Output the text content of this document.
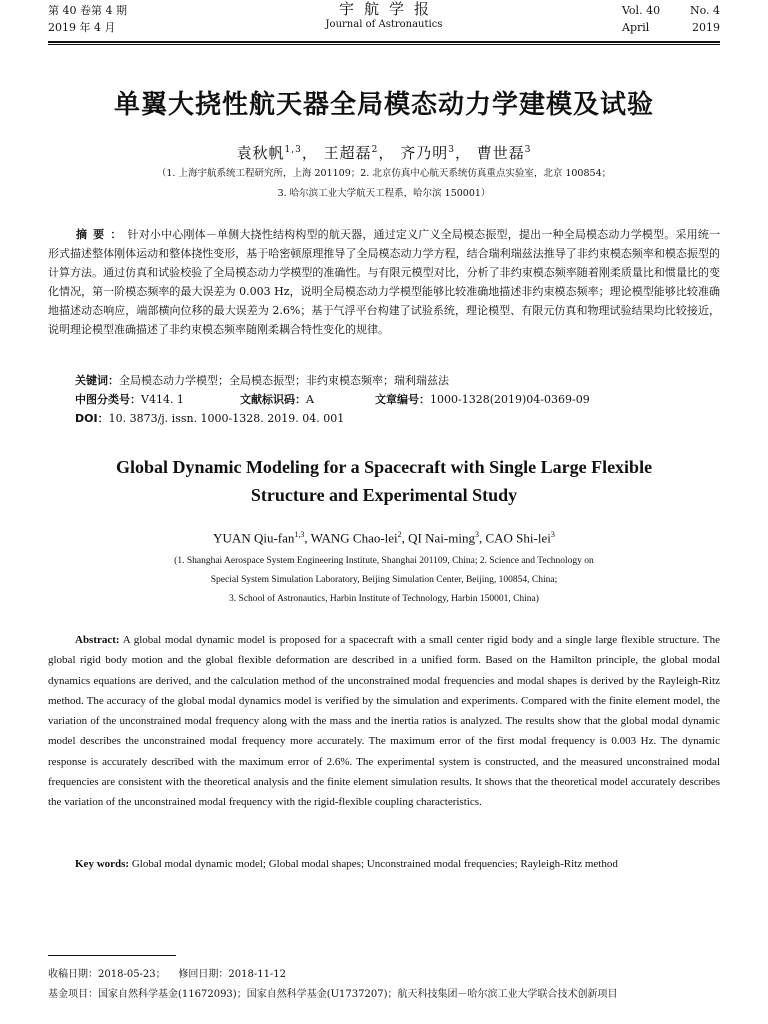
第 40 卷第 4 期
2019 年 4 月
宇航学报
Journal of Astronautics
Vol. 40	No. 4
April	2019
单翼大挠性航天器全局模态动力学建模及试验
袁秋帆$^{1,3}$， 王超磊$^2$， 齐乃明$^3$， 曹世磊$^3$
（1. 上海宇航系统工程研究所，上海 201109；2. 北京仿真中心航天系统仿真重点实验室，北京 100854；
3. 哈尔滨工业大学航天工程系，哈尔滨 150001）
摘要：针对小中心刚体－单侧大挠性结构构型的航天器，通过定义广义全局模态振型，提出一种全局模态动力学模型。采用统一形式描述整体刚体运动和整体挠性变形，基于哈密顿原理推导了全局模态动力学方程，结合瑞利瑞兹法推导了非约束模态频率和模态振型的计算方法。通过仿真和试验校验了全局模态动力学模型的准确性。与有限元模型对比，分析了非约束模态频率随着刚柔质量比和惯量比的变化情况，第一阶模态频率的最大误差为 0.003 Hz，说明全局模态动力学模型能够比较准确地描述非约束模态频率；理论模型能够比较准确地描述动态响应，端部横向位移的最大误差为 2.6%；基于气浮平台构建了试验系统，理论模型、有限元仿真和物理试验结果均比较接近，说明理论模型准确描述了非约束模态频率随刚柔耦合特性变化的规律。
关键词：全局模态动力学模型；全局模态振型；非约束模态频率；瑞利瑞兹法
中图分类号：V414. 1	文献标识码：A	文章编号：1000-1328(2019)04-0369-09
DOI：10. 3873/j. issn. 1000-1328. 2019. 04. 001
Global Dynamic Modeling for a Spacecraft with Single Large Flexible
Structure and Experimental Study
YUAN Qiu-fan$^{1,3}$, WANG Chao-lei$^2$, QI Nai-ming$^3$, CAO Shi-lei$^3$
(1. Shanghai Aerospace System Engineering Institute, Shanghai 201109, China; 2. Science and Technology on
Special System Simulation Laboratory, Beijing Simulation Center, Beijing, 100854, China;
3. School of Astronautics, Harbin Institute of Technology, Harbin 150001, China)
Abstract: A global modal dynamic model is proposed for a spacecraft with a small center rigid body and a single large flexible structure. The global rigid body motion and the global flexible deformation are described in a unified form. Based on the Hamilton principle, the global modal dynamics equations are derived, and the calculation method of the unconstrained modal frequencies and modal shapes is derived by the Rayleigh-Ritz method. The accuracy of the global modal dynamics model is verified by the simulation and experiments. Compared with the finite element model, the variation of the unconstrained modal frequency along with the mass and the inertia ratios is analyzed. The results show that the global modal dynamic model describes the unconstrained modal frequency more accurately. The maximum error of the first modal frequency is 0.003 Hz. The dynamic response is accurately described with the maximum error of 2.6%. The experimental system is constructed, and the measured unconstrained modal frequencies are consistent with the theoretical analysis and the finite element simulation results. It shows that the theoretical model accurately describes the variation of the unconstrained modal frequency with the rigid-flexible coupling characteristics.
Key words: Global modal dynamic model; Global modal shapes; Unconstrained modal frequencies; Rayleigh-Ritz method
收稿日期：2018-05-23； 修回日期：2018-11-12
基金项目：国家自然科学基金(11672093)；国家自然科学基金(U1737207)；航天科技集团－哈尔滨工业大学联合技术创新项目
